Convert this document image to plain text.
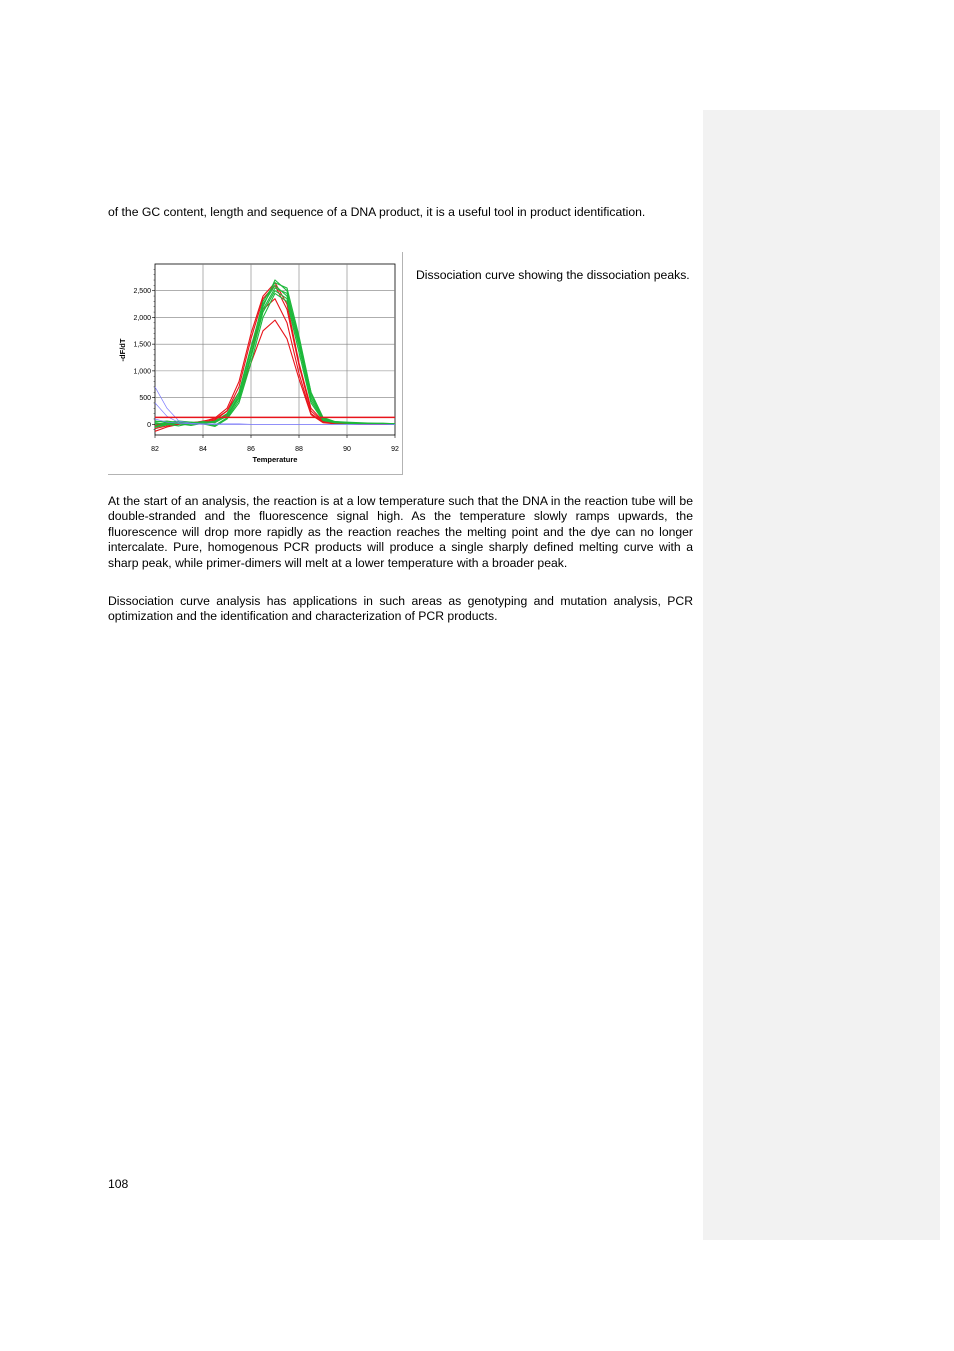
of the GC content, length and sequence of a DNA product, it is a useful tool in product identification.

82	84	86	88	90	92
0
500
1,000
1,500
2,000
2,500
Temperature
-dF/dT

Dissociation curve showing the dissociation peaks.

At the start of an analysis, the reaction is at a low temperature such that the DNA in the reaction tube will be double-stranded and the fluorescence signal high. As the temperature slowly ramps upwards, the fluorescence will drop more rapidly as the reaction reaches the melting point and the dye can no longer intercalate. Pure, homogenous PCR products will produce a single sharply defined melting curve with a sharp peak, while primer-dimers will melt at a lower temperature with a broader peak.

Dissociation curve analysis has applications in such areas as genotyping and mutation analysis, PCR optimization and the identification and characterization of PCR products.

108
